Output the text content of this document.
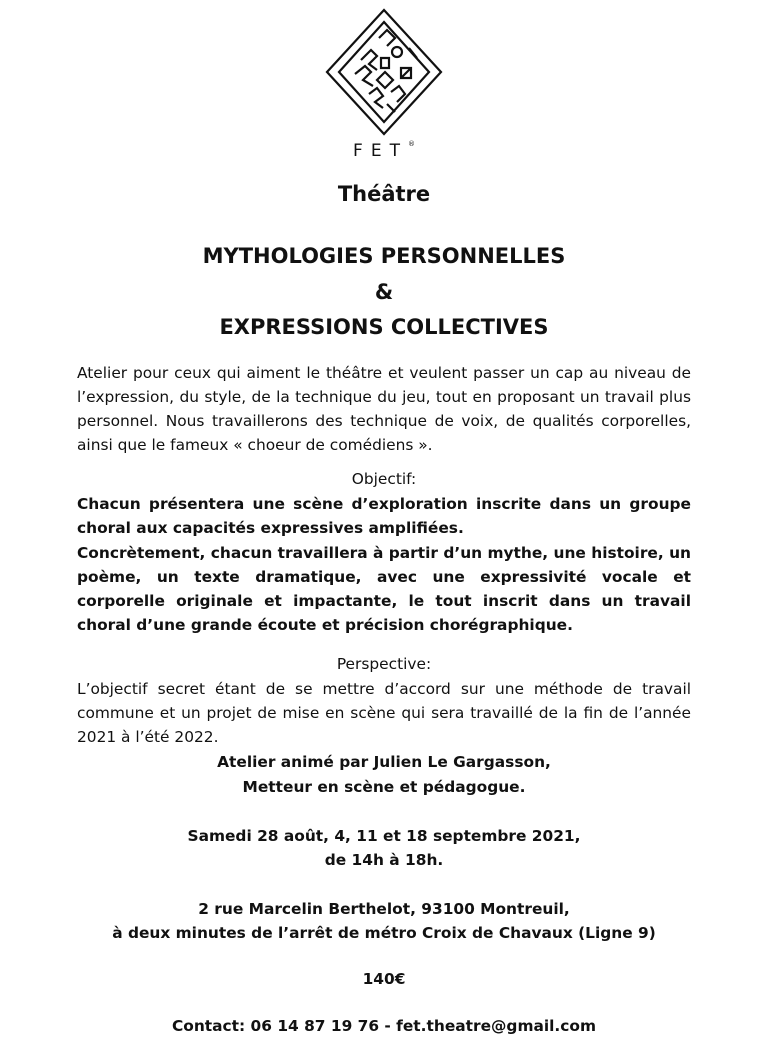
FET®
Théâtre
MYTHOLOGIES PERSONNELLES
&
EXPRESSIONS COLLECTIVES

Atelier pour ceux qui aiment le théâtre et veulent passer un cap au niveau de l’expression, du style, de la technique du jeu, tout en proposant un travail plus personnel. Nous travaillerons des technique de voix, de qualités corporelles, ainsi que le fameux « choeur de comédiens ».

Objectif:

Chacun présentera une scène d’exploration inscrite dans un groupe choral aux capacités expressives amplifiées.

Concrètement, chacun travaillera à partir d’un mythe, une histoire, un poème, un texte dramatique, avec une expressivité vocale et corporelle originale et impactante, le tout inscrit dans un travail choral d’une grande écoute et précision chorégraphique.

Perspective:

L’objectif secret étant de se mettre d’accord sur une méthode de travail commune et un projet de mise en scène qui sera travaillé de la fin de l’année 2021 à l’été 2022.

Atelier animé par Julien Le Gargasson,

Metteur en scène et pédagogue.

Samedi 28 août, 4, 11 et 18 septembre 2021,

de 14h à 18h.

2 rue Marcelin Berthelot, 93100 Montreuil,

à deux minutes de l’arrêt de métro Croix de Chavaux (Ligne 9)

140€

Contact: 06 14 87 19 76 - fet.theatre@gmail.com
